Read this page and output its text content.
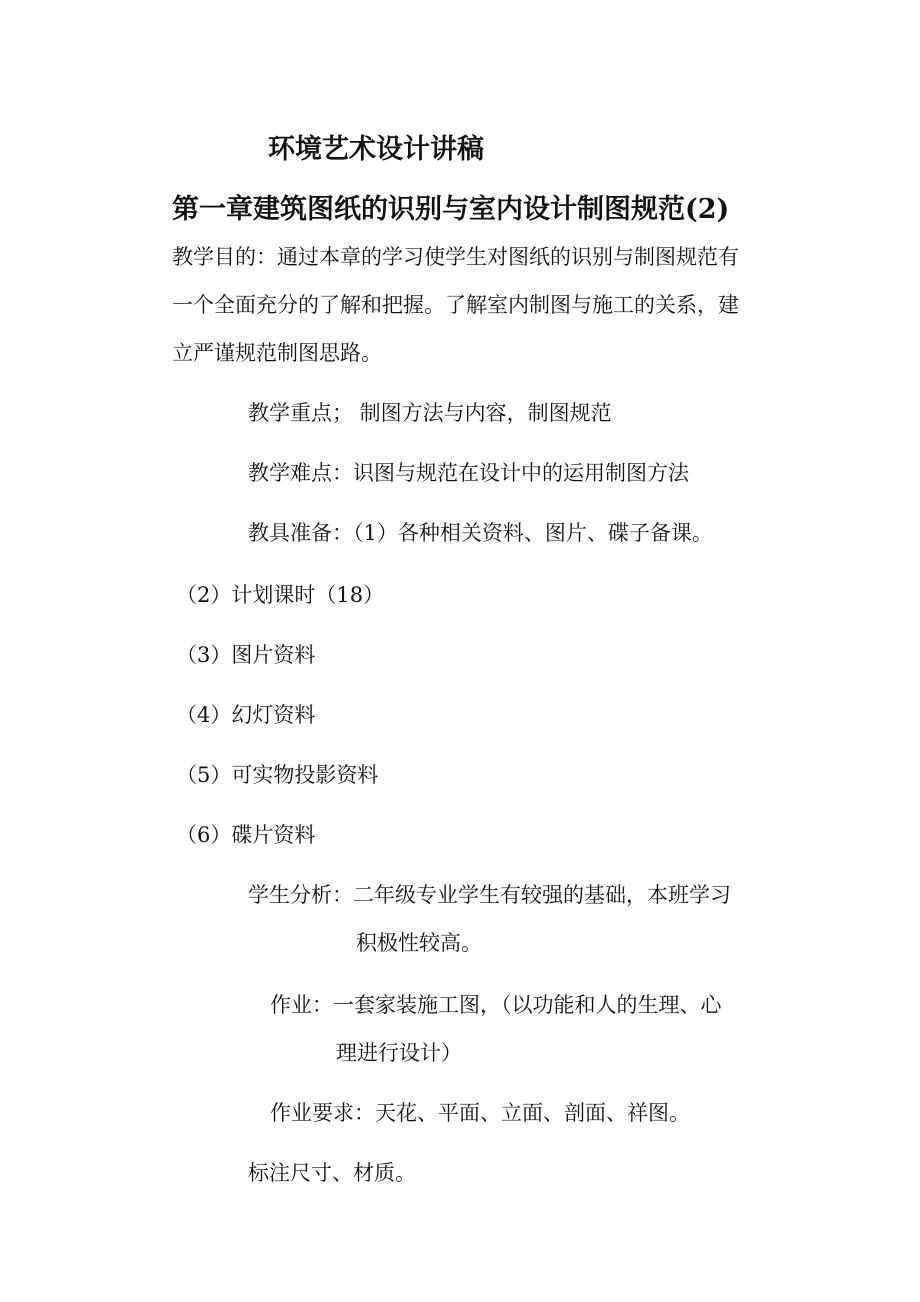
环境艺术设计讲稿
第一章建筑图纸的识别与室内设计制图规范(2)
教学目的：通过本章的学习使学生对图纸的识别与制图规范有
一个全面充分的了解和把握。了解室内制图与施工的关系，建
立严谨规范制图思路。
教学重点； 制图方法与内容，制图规范
教学难点：识图与规范在设计中的运用制图方法
教具准备：（1）各种相关资料、图片、碟子备课。
（2）计划课时（18）
（3）图片资料
（4）幻灯资料
（5）可实物投影资料
（6）碟片资料
学生分析：二年级专业学生有较强的基础，本班学习
积极性较高。
作业：一套家装施工图，（以功能和人的生理、心
理进行设计）
作业要求：天花、平面、立面、剖面、祥图。
标注尺寸、材质。
